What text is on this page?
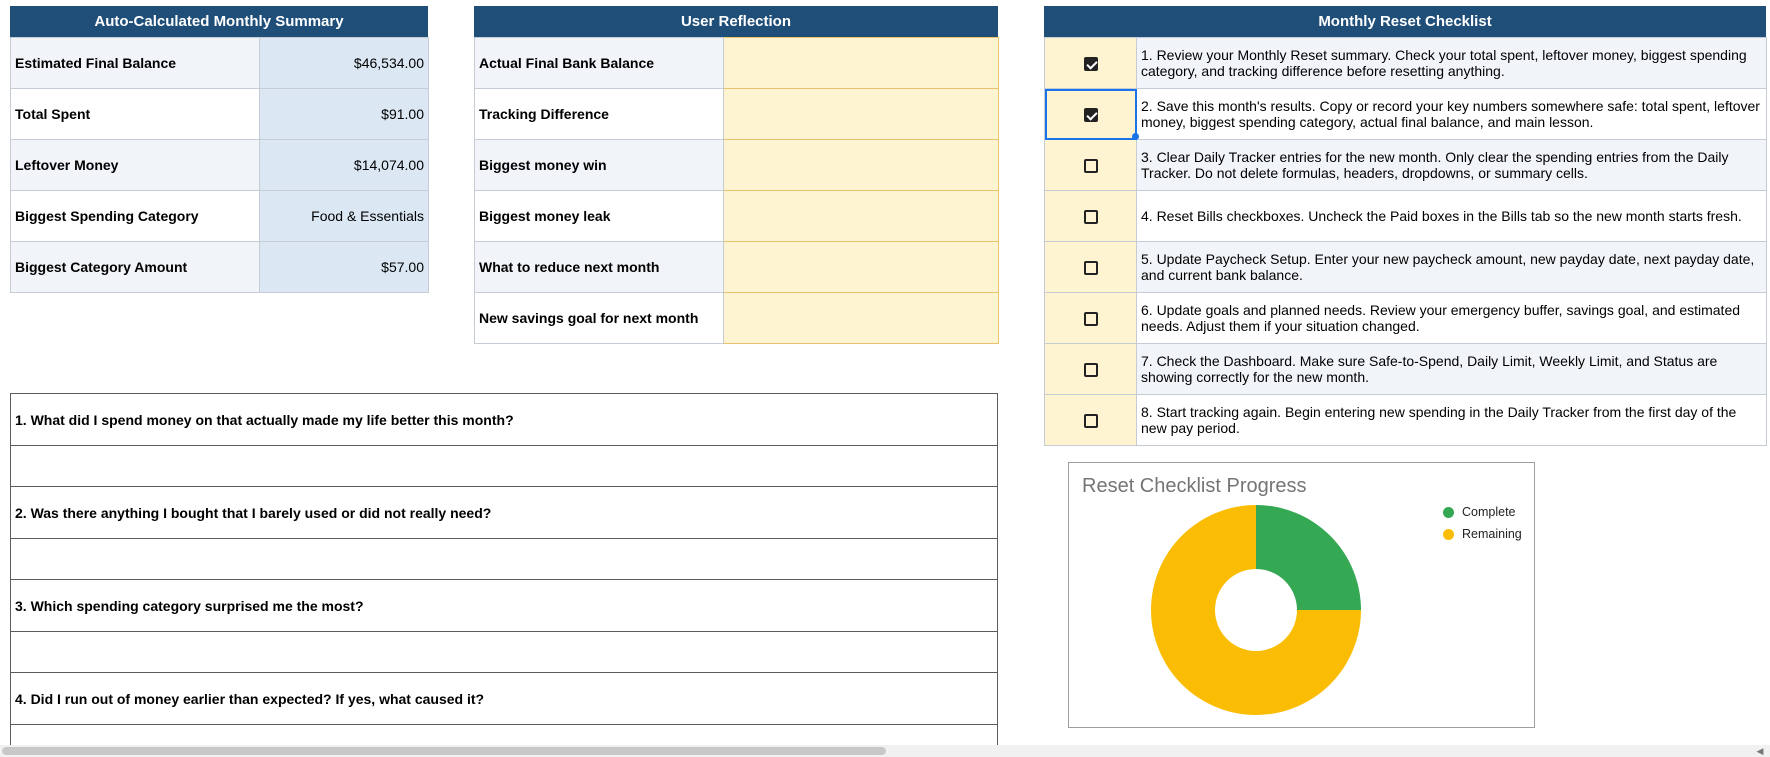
Auto-Calculated Monthly Summary
Estimated Final Balance	$46,534.00
Total Spent	$91.00
Leftover Money	$14,074.00
Biggest Spending Category	Food & Essentials
Biggest Category Amount	$57.00
User Reflection
Actual Final Bank Balance	
Tracking Difference	
Biggest money win	
Biggest money leak	
What to reduce next month	
New savings goal for next month	
1. What did I spend money on that actually made my life better this month?

2. Was there anything I bought that I barely used or did not really need?

3. Which spending category surprised me the most?

4. Did I run out of money earlier than expected? If yes, what caused it?

Monthly Reset Checklist
	1. Review your Monthly Reset summary. Check your total spent, leftover money, biggest spending category, and tracking difference before resetting anything.
	2. Save this month's results. Copy or record your key numbers somewhere safe: total spent, leftover money, biggest spending category, actual final balance, and main lesson.
	3. Clear Daily Tracker entries for the new month. Only clear the spending entries from the Daily Tracker. Do not delete formulas, headers, dropdowns, or summary cells.
	4. Reset Bills checkboxes. Uncheck the Paid boxes in the Bills tab so the new month starts fresh.
	5. Update Paycheck Setup. Enter your new paycheck amount, new payday date, next payday date, and current bank balance.
	6. Update goals and planned needs. Review your emergency buffer, savings goal, and estimated needs. Adjust them if your situation changed.
	7. Check the Dashboard. Make sure Safe-to-Spend, Daily Limit, Weekly Limit, and Status are showing correctly for the new month.
	8. Start tracking again. Begin entering new spending in the Daily Tracker from the first day of the new pay period.
Reset Checklist Progress
Complete
Remaining
◀
